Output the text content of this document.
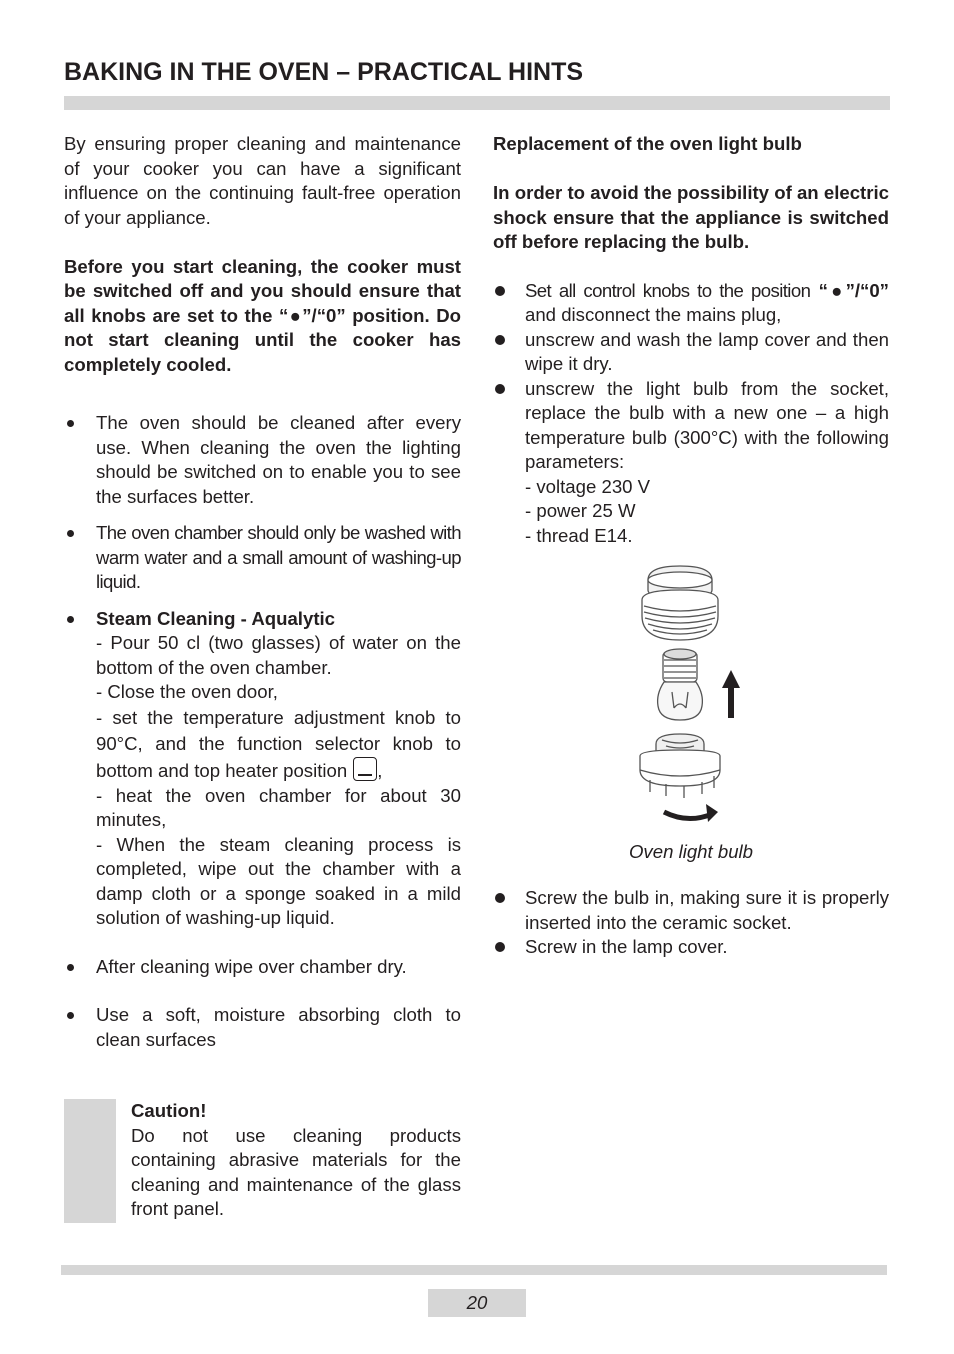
BAKING IN THE OVEN – PRACTICAL HINTS

By ensuring proper cleaning and maintenance of your cooker you can have a significant influence on the continuing fault-free operation of your appliance.

Before you start cleaning, the cooker must be switched off and you should ensure that all knobs are set to the “●”/“0” position. Do not start cleaning until the cooker has completely cooled.

The oven should be cleaned after every use. When cleaning the oven the lighting should be switched on to enable you to see the surfaces better.
The oven chamber should only be washed with warm water and a small amount of washing-up liquid.
Steam Cleaning - Aqualytic
- Pour 50 cl (two glasses) of water on the bottom of the oven chamber.
- Close the oven door,
- set the temperature adjustment knob to 90°C, and the function selector knob to bottom and top heater position ,
- heat the oven chamber for about 30 minutes,
- When the steam cleaning process is completed, wipe out the chamber with a damp cloth or a sponge soaked in a mild solution of washing-up liquid.
After cleaning wipe over chamber dry.
Use a soft, moisture absorbing cloth to clean surfaces
Caution!

Do not use cleaning products containing abrasive materials for the cleaning and maintenance of the glass front panel.

Replacement of the oven light bulb

In order to avoid the possibility of an electric shock ensure that the appliance is switched off before replacing the bulb.

Set all control knobs to the position “●”/“0” and disconnect the mains plug,
unscrew and wash the lamp cover and then wipe it dry.
unscrew the light bulb from the socket, replace the bulb with a new one – a high temperature bulb (300°C) with the following parameters:
- voltage 230 V
- power 25 W
- thread E14.
Oven light bulb
Screw the bulb in, making sure it is properly inserted into the ceramic socket.
Screw in the lamp cover.
20
